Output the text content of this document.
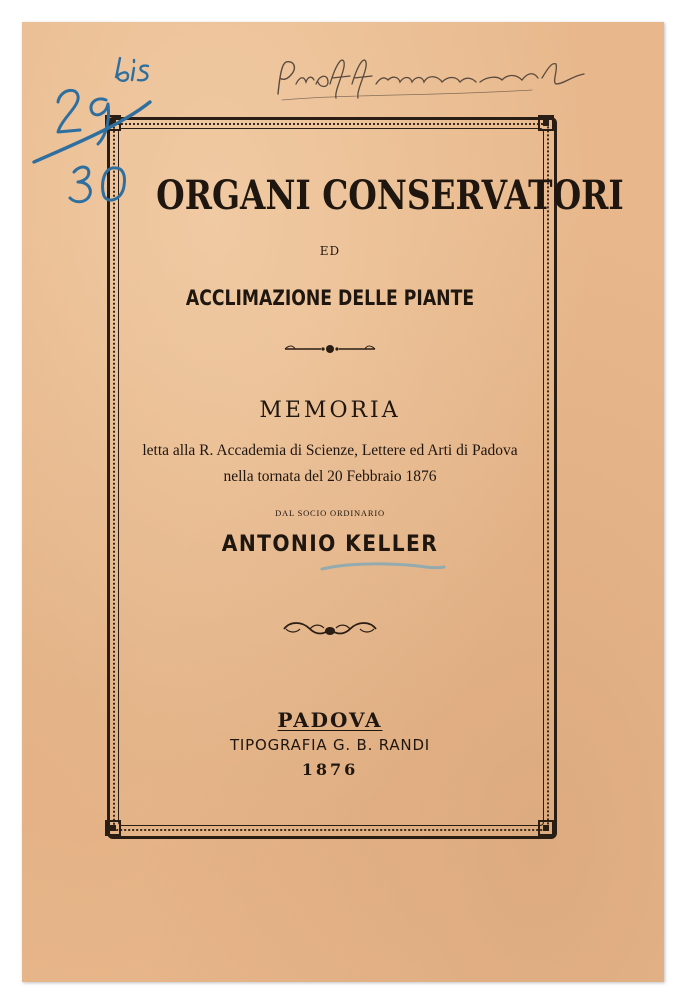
ORGANI CONSERVATORI
ED
ACCLIMAZIONE DELLE PIANTE
MEMORIA
letta alla R. Accademia di Scienze, Lettere ed Arti di Padova
nella tornata del 20 Febbraio 1876
DAL SOCIO ORDINARIO
ANTONIO KELLER
PADOVA
TIPOGRAFIA G. B. RANDI
1876
